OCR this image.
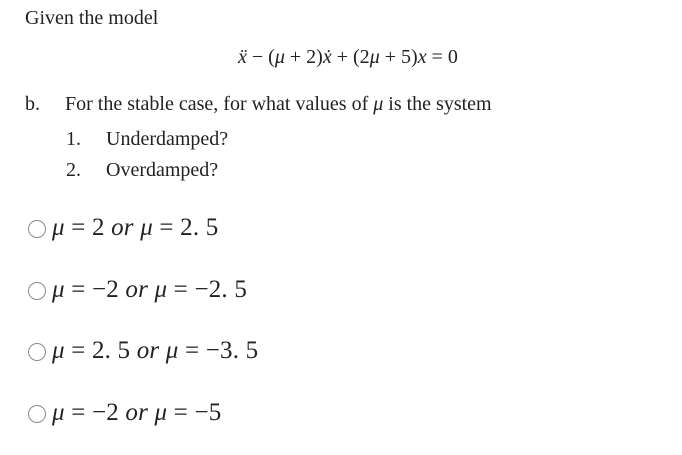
Given the model
ẍ − (μ + 2)ẋ + (2μ + 5)x = 0
b. For the stable case, for what values of μ is the system
1. Underdamped?
2. Overdamped?
μ = 2 or μ = 2. 5
μ = −2 or μ = −2. 5
μ = 2. 5 or μ = −3. 5
μ = −2 or μ = −5
